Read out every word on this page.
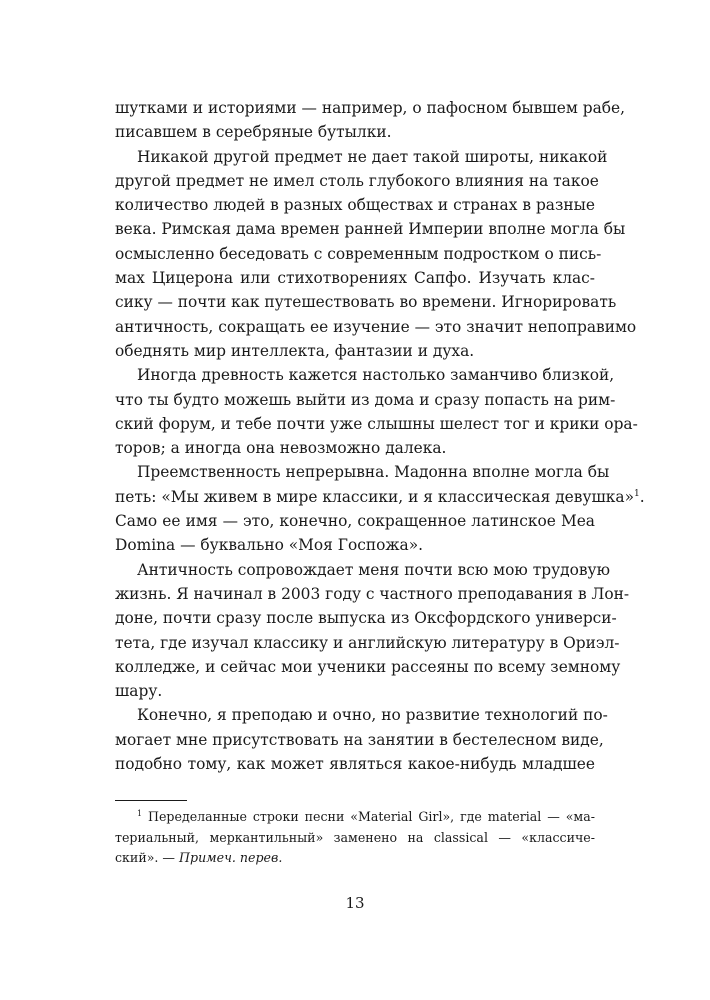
шутками и историями — например, о пафосном бывшем рабе,
писавшем в серебряные бутылки.

Никакой другой предмет не дает такой широты, никакой
другой предмет не имел столь глубокого влияния на такое
количество людей в разных обществах и странах в разные
века. Римская дама времен ранней Империи вполне могла бы
осмысленно беседовать с современным подростком о пись-
мах Цицерона или стихотворениях Сапфо. Изучать клас-
сику — почти как путешествовать во времени. Игнорировать
античность, сокращать ее изучение — это значит непоправимо
обеднять мир интеллекта, фантазии и духа.

Иногда древность кажется настолько заманчиво близкой,
что ты будто можешь выйти из дома и сразу попасть на рим-
ский форум, и тебе почти уже слышны шелест тог и крики ора-
торов; а иногда она невозможно далека.

Преемственность непрерывна. Мадонна вполне могла бы
петь: «Мы живем в мире классики, и я классическая девушка»$^1$.
Само ее имя — это, конечно, сокращенное латинское Mea
Domina — буквально «Моя Госпожа».

Античность сопровождает меня почти всю мою трудовую
жизнь. Я начинал в 2003 году с частного преподавания в Лон-
доне, почти сразу после выпуска из Оксфордского универси-
тета, где изучал классику и английскую литературу в Ориэл-
колледже, и сейчас мои ученики рассеяны по всему земному
шару.

Конечно, я преподаю и очно, но развитие технологий по-
могает мне присутствовать на занятии в бестелесном виде,
подобно тому, как может являться какое-нибудь младшее

$^1$ Переделанные строки песни «Material Girl», где material — «ма-
териальный, меркантильный» заменено на classical — «классиче-
ский». — Примеч. перев.
13
